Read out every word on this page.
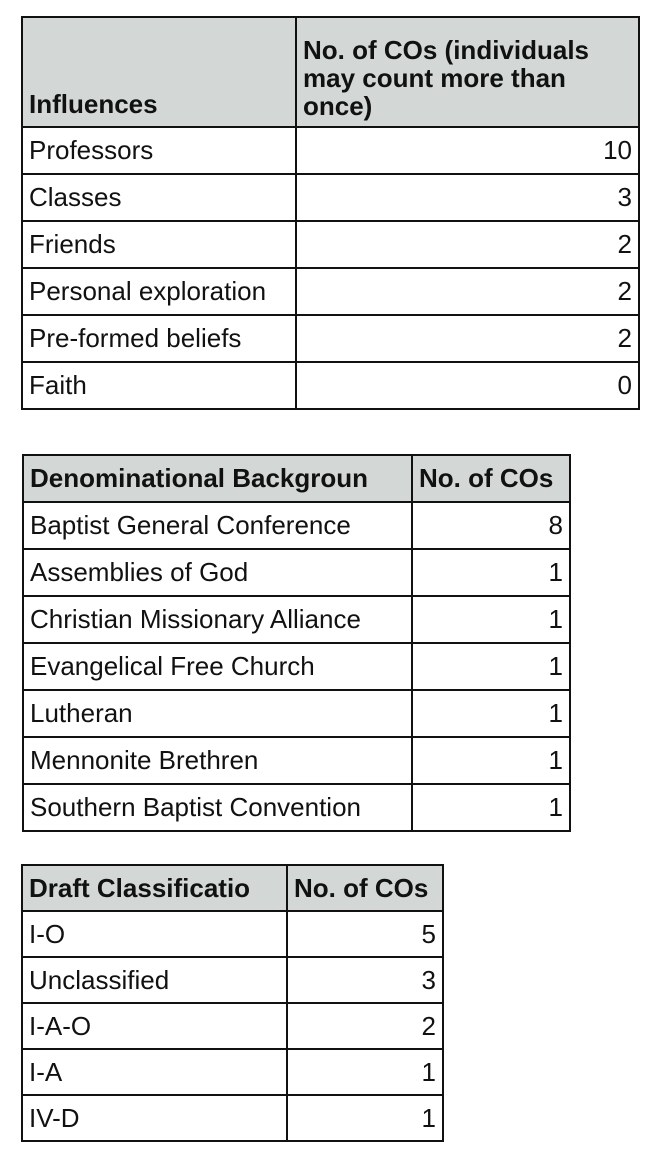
Influences	No. of COs (individuals may count more than once)
Professors	10
Classes	3
Friends	2
Personal exploration	2
Pre-formed beliefs	2
Faith	0
Denominational Backgroun	No. of COs
Baptist General Conference	8
Assemblies of God	1
Christian Missionary Alliance	1
Evangelical Free Church	1
Lutheran	1
Mennonite Brethren	1
Southern Baptist Convention	1
Draft Classificatio	No. of COs
I-O	5
Unclassified	3
I-A-O	2
I-A	1
IV-D	1
